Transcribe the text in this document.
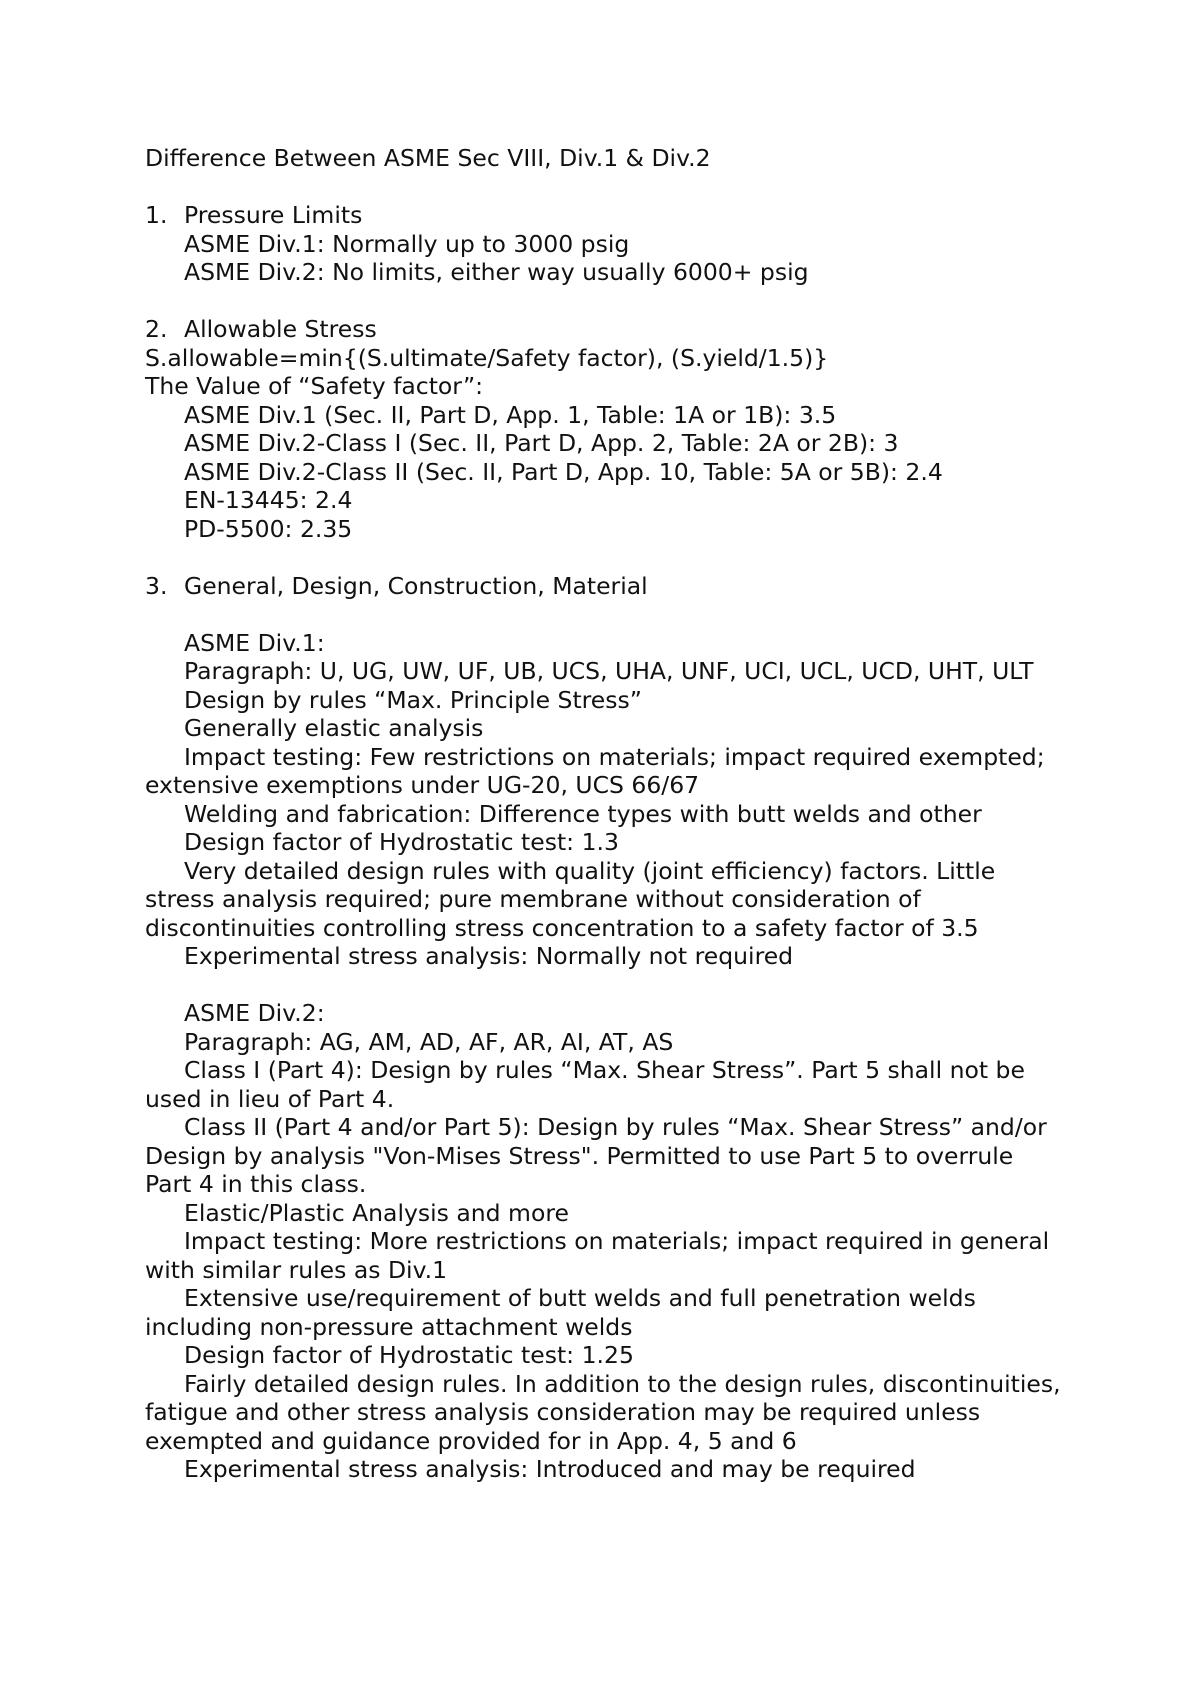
Difference Between ASME Sec VIII, Div.1 & Div.2
1. Pressure Limits
ASME Div.1: Normally up to 3000 psig
ASME Div.2: No limits, either way usually 6000+ psig
2. Allowable Stress
S.allowable=min{(S.ultimate/Safety factor), (S.yield/1.5)}
The Value of “Safety factor”:
ASME Div.1 (Sec. II, Part D, App. 1, Table: 1A or 1B): 3.5
ASME Div.2-Class I (Sec. II, Part D, App. 2, Table: 2A or 2B): 3
ASME Div.2-Class II (Sec. II, Part D, App. 10, Table: 5A or 5B): 2.4
EN-13445: 2.4
PD-5500: 2.35
3. General, Design, Construction, Material
ASME Div.1:
Paragraph: U, UG, UW, UF, UB, UCS, UHA, UNF, UCI, UCL, UCD, UHT, ULT
Design by rules “Max. Principle Stress”
Generally elastic analysis
Impact testing: Few restrictions on materials; impact required exempted; extensive exemptions under UG-20, UCS 66/67
Welding and fabrication: Difference types with butt welds and other
Design factor of Hydrostatic test: 1.3
Very detailed design rules with quality (joint efficiency) factors. Little stress analysis required; pure membrane without consideration of discontinuities controlling stress concentration to a safety factor of 3.5
Experimental stress analysis: Normally not required
ASME Div.2:
Paragraph: AG, AM, AD, AF, AR, AI, AT, AS
Class I (Part 4): Design by rules “Max. Shear Stress”. Part 5 shall not be used in lieu of Part 4.
Class II (Part 4 and/or Part 5): Design by rules “Max. Shear Stress” and/or Design by analysis "Von-Mises Stress". Permitted to use Part 5 to overrule Part 4 in this class.
Elastic/Plastic Analysis and more
Impact testing: More restrictions on materials; impact required in general with similar rules as Div.1
Extensive use/requirement of butt welds and full penetration welds including non-pressure attachment welds
Design factor of Hydrostatic test: 1.25
Fairly detailed design rules. In addition to the design rules, discontinuities, fatigue and other stress analysis consideration may be required unless exempted and guidance provided for in App. 4, 5 and 6
Experimental stress analysis: Introduced and may be required
